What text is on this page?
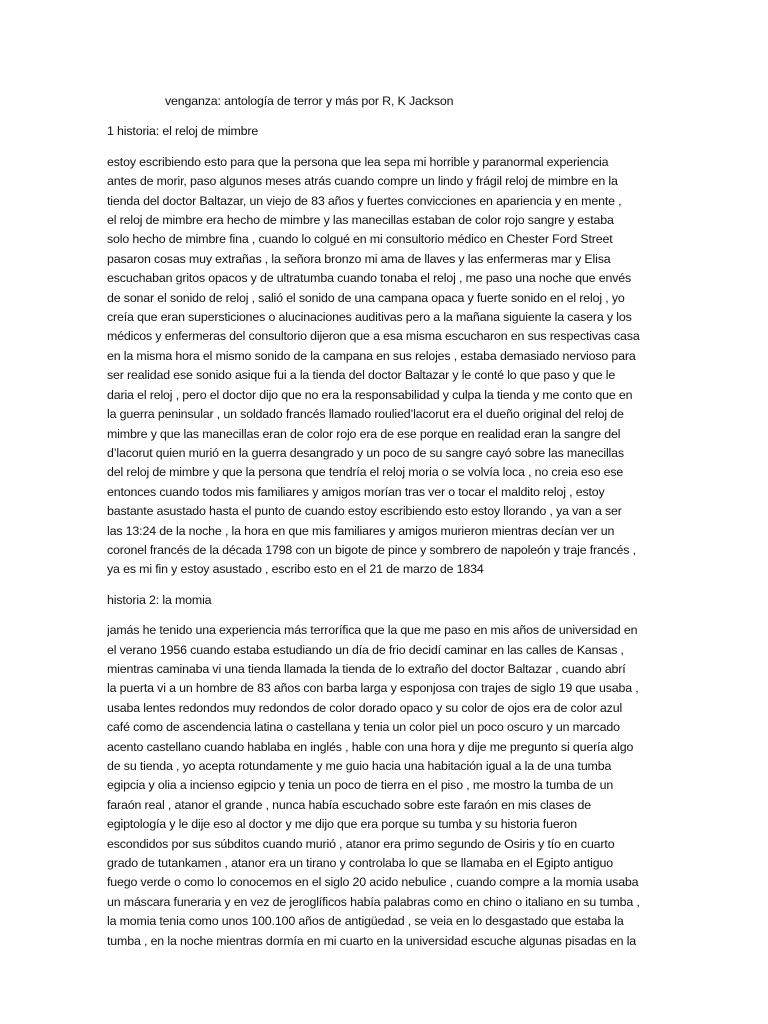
venganza: antología de terror y más por R, K Jackson
1 historia: el reloj de mimbre
estoy escribiendo esto para que la persona que lea sepa mi horrible y paranormal experiencia
antes de morir, paso algunos meses atrás cuando compre un lindo y frágil reloj de mimbre en la
tienda del doctor Baltazar, un viejo de 83 años y fuertes convicciones en apariencia y en mente ,
el reloj de mimbre era hecho de mimbre y las manecillas estaban de color rojo sangre y estaba
solo hecho de mimbre fina , cuando lo colgué en mi consultorio médico en Chester Ford Street
pasaron cosas muy extrañas , la señora bronzo mi ama de llaves y las enfermeras mar y Elisa
escuchaban gritos opacos y de ultratumba cuando tonaba el reloj , me paso una noche que envés
de sonar el sonido de reloj , salió el sonido de una campana opaca y fuerte sonido en el reloj , yo
creía que eran supersticiones o alucinaciones auditivas pero a la mañana siguiente la casera y los
médicos y enfermeras del consultorio dijeron que a esa misma escucharon en sus respectivas casa
en la misma hora el mismo sonido de la campana en sus relojes , estaba demasiado nervioso para
ser realidad ese sonido asique fui a la tienda del doctor Baltazar y le conté lo que paso y que le
daria el reloj , pero el doctor dijo que no era la responsabilidad y culpa la tienda y me conto que en
la guerra peninsular , un soldado francés llamado roulied’lacorut era el dueño original del reloj de
mimbre y que las manecillas eran de color rojo era de ese porque en realidad eran la sangre del
d’lacorut quien murió en la guerra desangrado y un poco de su sangre cayó sobre las manecillas
del reloj de mimbre y que la persona que tendría el reloj moria o se volvía loca , no creia eso ese
entonces cuando todos mis familiares y amigos morían tras ver o tocar el maldito reloj , estoy
bastante asustado hasta el punto de cuando estoy escribiendo esto estoy llorando , ya van a ser
las 13:24 de la noche , la hora en que mis familiares y amigos murieron mientras decían ver un
coronel francés de la década 1798 con un bigote de pince y sombrero de napoleón y traje francés ,
ya es mi fin y estoy asustado , escribo esto en el 21 de marzo de 1834
historia 2: la momia
jamás he tenido una experiencia más terrorífica que la que me paso en mis años de universidad en
el verano 1956 cuando estaba estudiando un día de frio decidí caminar en las calles de Kansas ,
mientras caminaba vi una tienda llamada la tienda de lo extraño del doctor Baltazar , cuando abrí
la puerta vi a un hombre de 83 años con barba larga y esponjosa con trajes de siglo 19 que usaba ,
usaba lentes redondos muy redondos de color dorado opaco y su color de ojos era de color azul
café como de ascendencia latina o castellana y tenia un color piel un poco oscuro y un marcado
acento castellano cuando hablaba en inglés , hable con una hora y dije me pregunto si quería algo
de su tienda , yo acepta rotundamente y me guio hacia una habitación igual a la de una tumba
egipcia y olia a incienso egipcio y tenia un poco de tierra en el piso , me mostro la tumba de un
faraón real , atanor el grande , nunca había escuchado sobre este faraón en mis clases de
egiptología y le dije eso al doctor y me dijo que era porque su tumba y su historia fueron
escondidos por sus súbditos cuando murió , atanor era primo segundo de Osiris y tío en cuarto
grado de tutankamen , atanor era un tirano y controlaba lo que se llamaba en el Egipto antiguo
fuego verde o como lo conocemos en el siglo 20 acido nebulice , cuando compre a la momia usaba
un máscara funeraria y en vez de jeroglíficos había palabras como en chino o italiano en su tumba ,
la momia tenia como unos 100.100 años de antigüedad , se veia en lo desgastado que estaba la
tumba , en la noche mientras dormía en mi cuarto en la universidad escuche algunas pisadas en la
